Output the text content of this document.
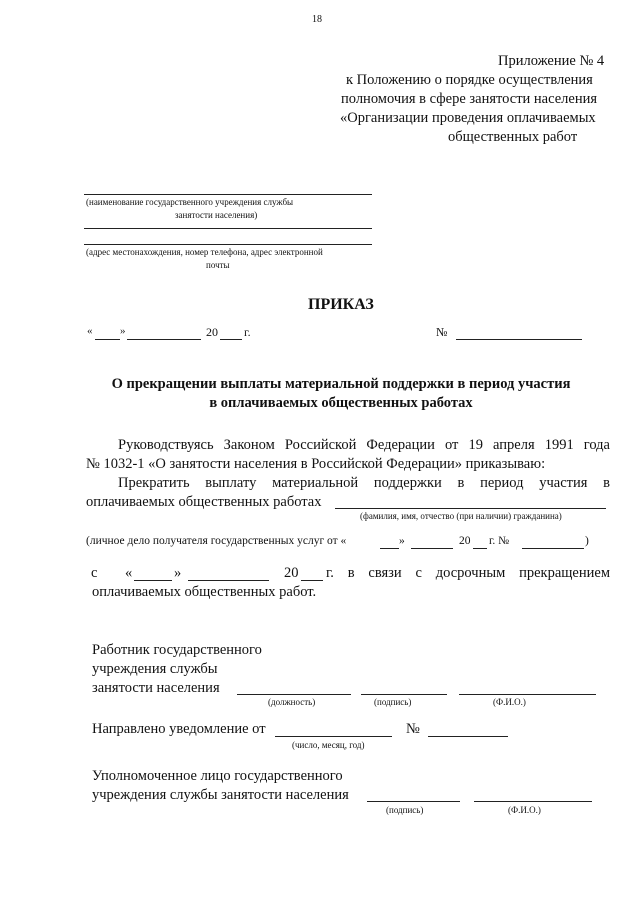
18
Приложение № 4
к Положению о порядке осуществления
полномочия в сфере занятости населения
«Организации проведения оплачиваемых
общественных работ
(наименование государственного учреждения службы
занятости населения)
(адрес местонахождения, номер телефона, адрес электронной
почты
ПРИКАЗ
«	»	20 г.	№
О прекращении выплаты материальной поддержки в период участия
в оплачиваемых общественных работах
Руководствуясь Законом Российской Федерации от 19 апреля 1991 года
№ 1032-1 «О занятости населения в Российской Федерации» приказываю:
Прекратить выплату материальной поддержки в период участия в
оплачиваемых общественных работах
(фамилия, имя, отчество (при наличии) гражданина)
(личное дело получателя государственных услуг от «	»	20 г. №	)
с «	»	20 г. в связи с досрочным прекращением
оплачиваемых общественных работ.
Работник государственного
учреждения службы
занятости населения
(должность)	(подпись)	(Ф.И.О.)
Направлено уведомление от	№
(число, месяц, год)
Уполномоченное лицо государственного
учреждения службы занятости населения
(подпись)	(Ф.И.О.)
